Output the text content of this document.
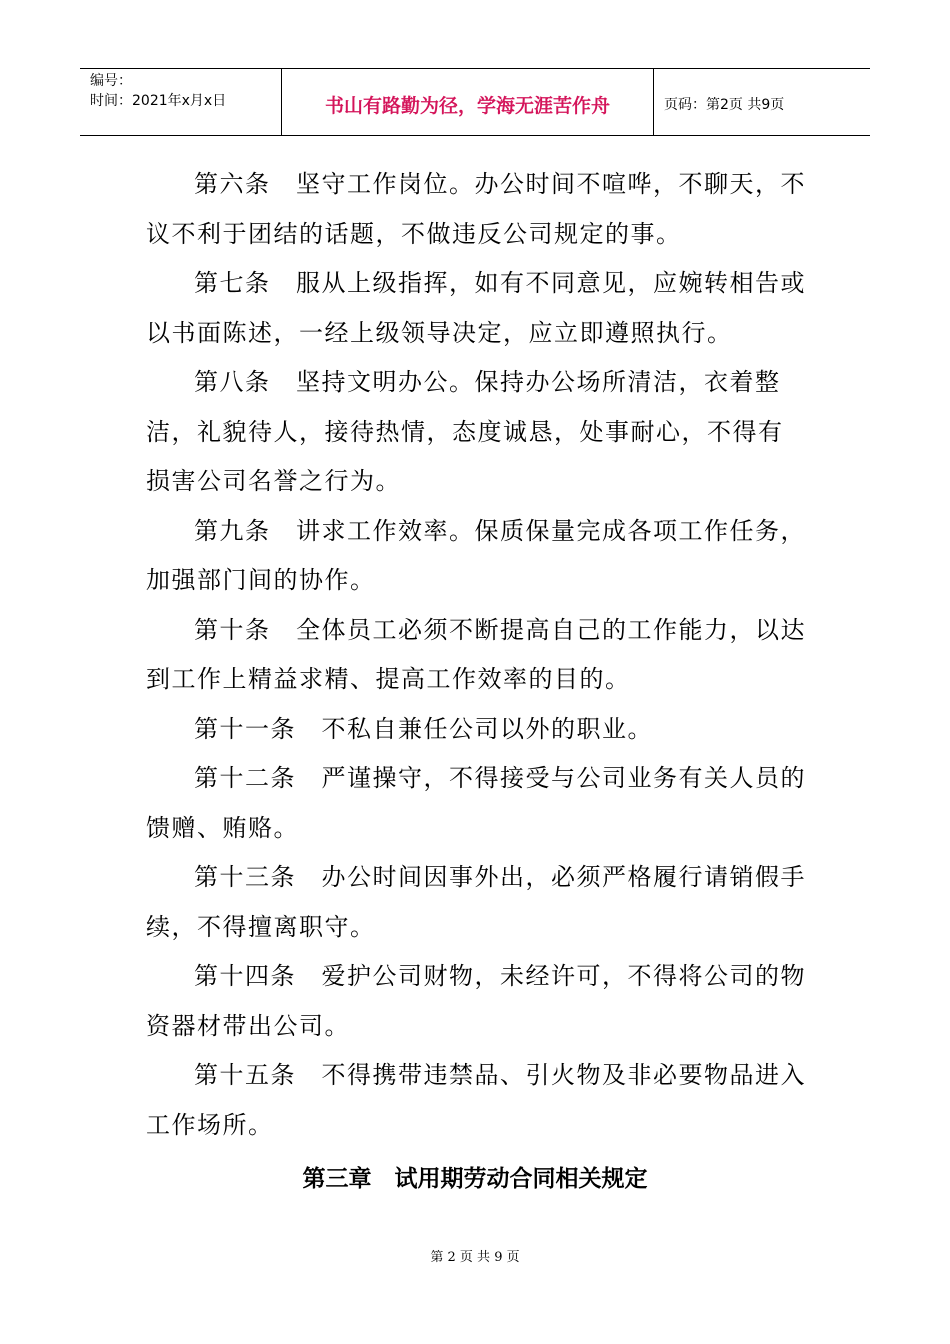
编号：
时间：2021年x月x日	书山有路勤为径，学海无涯苦作舟	页码：第2页 共9页

第六条　坚守工作岗位。办公时间不喧哗，不聊天，不议不利于团结的话题，不做违反公司规定的事。

第七条　服从上级指挥，如有不同意见，应婉转相告或以书面陈述，一经上级领导决定，应立即遵照执行。

第八条　坚持文明办公。保持办公场所清洁，衣着整洁，礼貌待人，接待热情，态度诚恳，处事耐心，不得有损害公司名誉之行为。

第九条　讲求工作效率。保质保量完成各项工作任务，加强部门间的协作。

第十条　全体员工必须不断提高自己的工作能力，以达到工作上精益求精、提高工作效率的目的。

第十一条　不私自兼任公司以外的职业。

第十二条　严谨操守，不得接受与公司业务有关人员的馈赠、贿赂。

第十三条　办公时间因事外出，必须严格履行请销假手续，不得擅离职守。

第十四条　爱护公司财物，未经许可，不得将公司的物资器材带出公司。

第十五条　不得携带违禁品、引火物及非必要物品进入工作场所。

第三章　试用期劳动合同相关规定
第 2 页 共 9 页
